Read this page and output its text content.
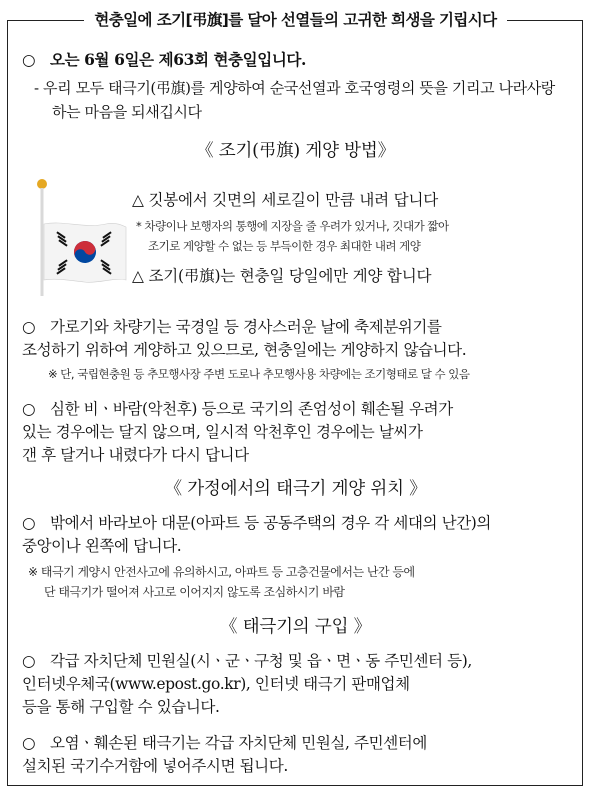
현충일에 조기[弔旗]를 달아 선열들의 고귀한 희생을 기립시다
○ 오는 6월 6일은 제63회 현충일입니다.
- 우리 모두 태극기(弔旗)를 게양하여 순국선열과 호국영령의 뜻을 기리고 나라사랑하는 마음을 되새깁시다
《 조기(弔旗) 게양 방법》
△ 깃봉에서 깃면의 세로길이 만큼 내려 답니다
* 차량이나 보행자의 통행에 지장을 줄 우려가 있거나, 깃대가 짧아
조기로 게양할 수 없는 등 부득이한 경우 최대한 내려 게양
△ 조기(弔旗)는 현충일 당일에만 게양 합니다
○ 가로기와 차량기는 국경일 등 경사스러운 날에 축제분위기를
조성하기 위하여 게양하고 있으므로, 현충일에는 게양하지 않습니다.
※ 단, 국립현충원 등 추모행사장 주변 도로나 추모행사용 차량에는 조기형태로 달 수 있음
○ 심한 비ㆍ바람(악천후) 등으로 국기의 존엄성이 훼손될 우려가
있는 경우에는 달지 않으며, 일시적 악천후인 경우에는 날씨가
갠 후 달거나 내렸다가 다시 답니다
《 가정에서의 태극기 게양 위치 》
○ 밖에서 바라보아 대문(아파트 등 공동주택의 경우 각 세대의 난간)의
중앙이나 왼쪽에 답니다.
※ 태극기 게양시 안전사고에 유의하시고, 아파트 등 고층건물에서는 난간 등에
단 태극기가 떨어져 사고로 이어지지 않도록 조심하시기 바람
《 태극기의 구입 》
○ 각급 자치단체 민원실(시ㆍ군ㆍ구청 및 읍ㆍ면ㆍ동 주민센터 등),
인터넷우체국(www.epost.go.kr), 인터넷 태극기 판매업체
등을 통해 구입할 수 있습니다.
○ 오염ㆍ훼손된 태극기는 각급 자치단체 민원실, 주민센터에
설치된 국기수거함에 넣어주시면 됩니다.
